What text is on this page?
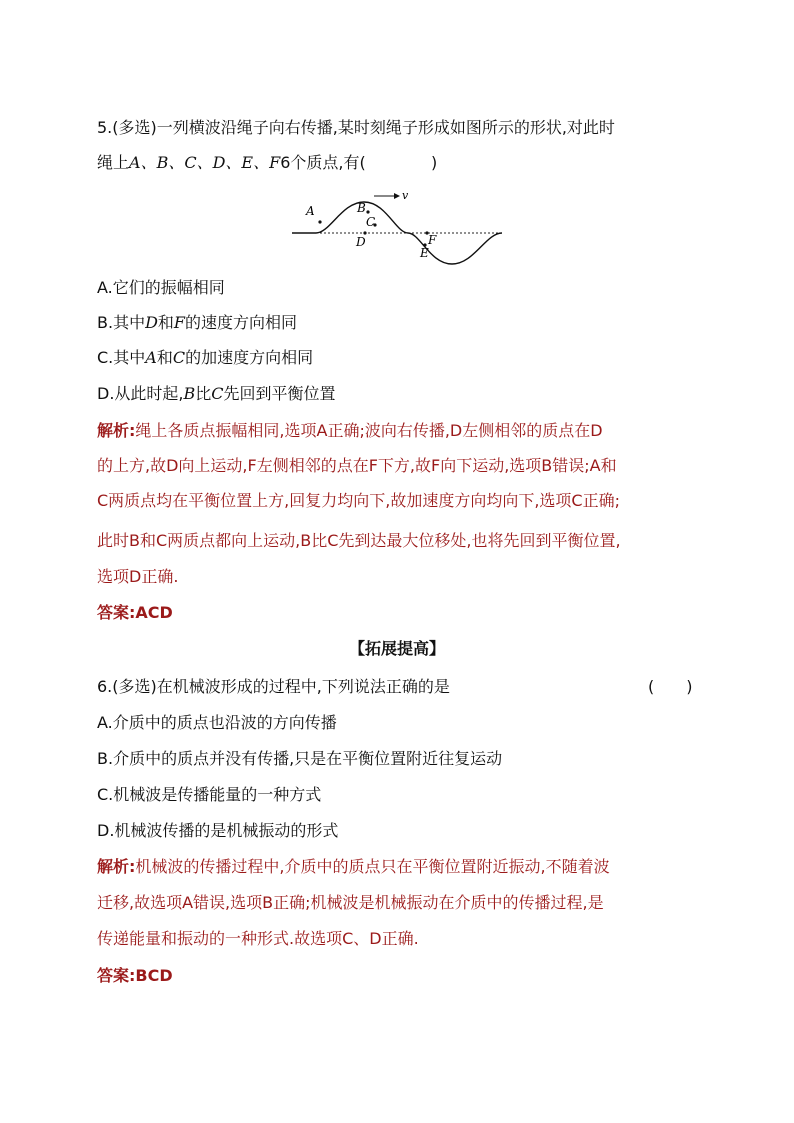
5.(多选)一列横波沿绳子向右传播,某时刻绳子形成如图所示的形状,对此时
绳上A、B、C、D、E、F6个质点,有(	)
v
A	B
C
D
E
F
A.它们的振幅相同
B.其中D和F的速度方向相同
C.其中A和C的加速度方向相同
D.从此时起,B比C先回到平衡位置
解析:绳上各质点振幅相同,选项A正确;波向右传播,D左侧相邻的质点在D
的上方,故D向上运动,F左侧相邻的点在F下方,故F向下运动,选项B错误;A和
C两质点均在平衡位置上方,回复力均向下,故加速度方向均向下,选项C正确;
此时B和C两质点都向上运动,B比C先到达最大位移处,也将先回到平衡位置,
选项D正确.
答案:ACD
【拓展提高】
6.(多选)在机械波形成的过程中,下列说法正确的是	(　　)
A.介质中的质点也沿波的方向传播
B.介质中的质点并没有传播,只是在平衡位置附近往复运动
C.机械波是传播能量的一种方式
D.机械波传播的是机械振动的形式
解析:机械波的传播过程中,介质中的质点只在平衡位置附近振动,不随着波
迁移,故选项A错误,选项B正确;机械波是机械振动在介质中的传播过程,是
传递能量和振动的一种形式.故选项C、D正确.
答案:BCD
